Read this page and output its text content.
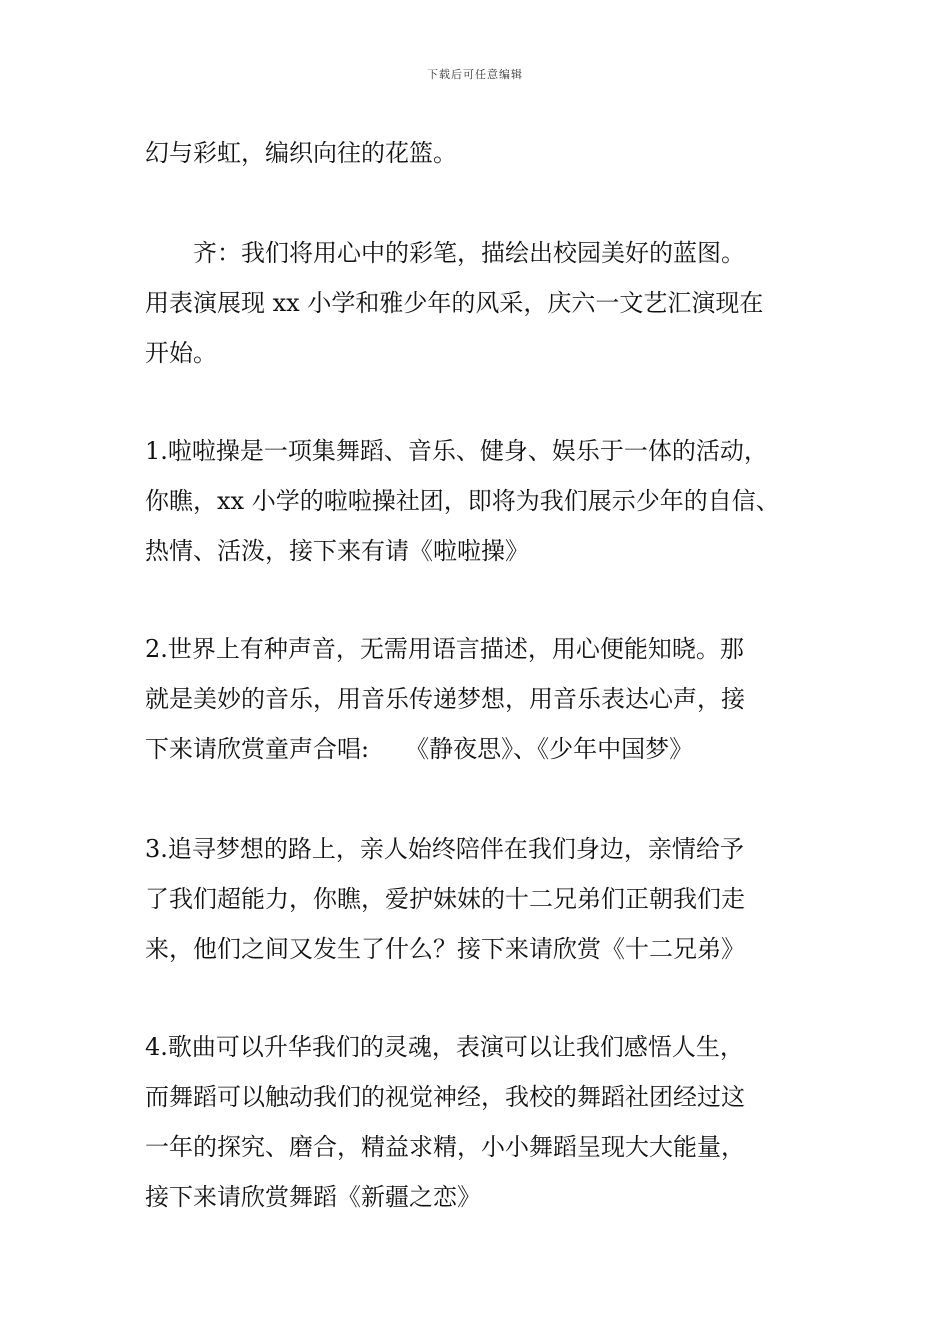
下载后可任意编辑
幻与彩虹，编织向往的花篮。
　　齐：我们将用心中的彩笔，描绘出校园美好的蓝图。
用表演展现 xx 小学和雅少年的风采，庆六一文艺汇演现在
开始。
1.啦啦操是一项集舞蹈、音乐、健身、娱乐于一体的活动，
你瞧，xx 小学的啦啦操社团，即将为我们展示少年的自信、
热情、活泼，接下来有请《啦啦操》
2.世界上有种声音，无需用语言描述，用心便能知晓。那
就是美妙的音乐，用音乐传递梦想，用音乐表达心声，接
下来请欣赏童声合唱:　　《静夜思》、《少年中国梦》
3.追寻梦想的路上，亲人始终陪伴在我们身边，亲情给予
了我们超能力，你瞧，爱护妹妹的十二兄弟们正朝我们走
来，他们之间又发生了什么？接下来请欣赏《十二兄弟》
4.歌曲可以升华我们的灵魂，表演可以让我们感悟人生，
而舞蹈可以触动我们的视觉神经，我校的舞蹈社团经过这
一年的探究、磨合，精益求精，小小舞蹈呈现大大能量，
接下来请欣赏舞蹈《新疆之恋》
